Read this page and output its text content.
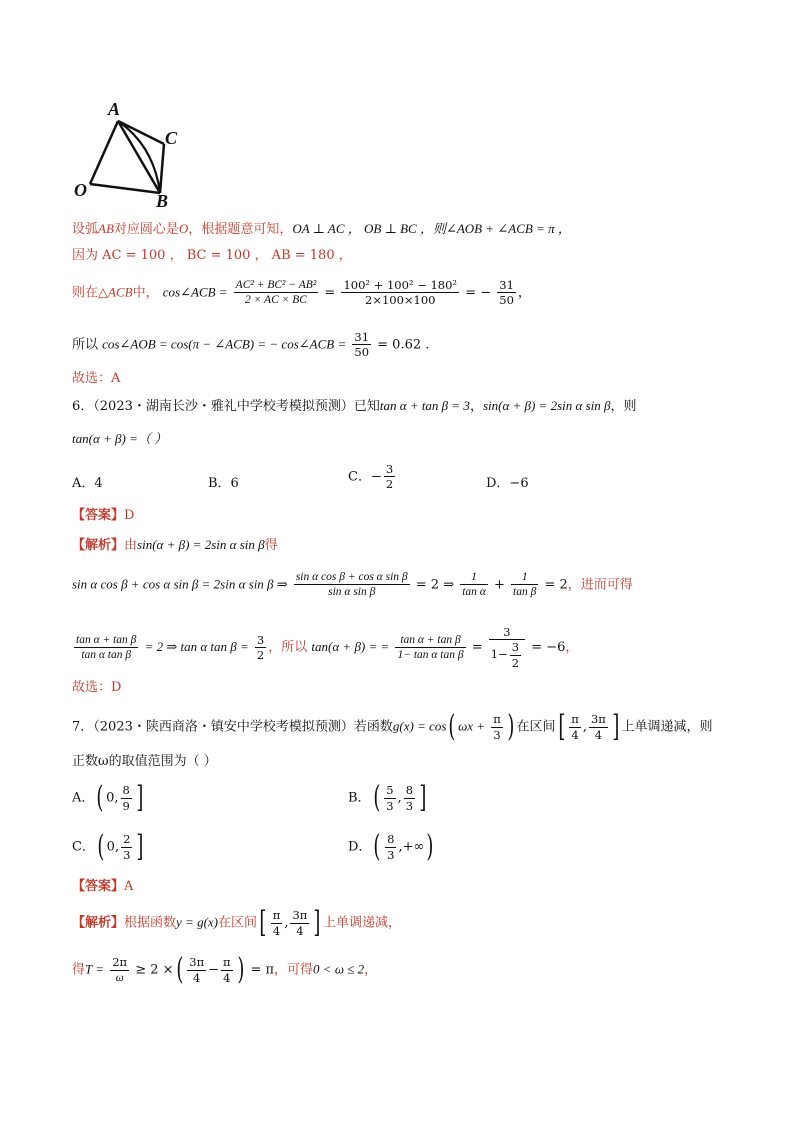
A
C
O
B
设弧AB对应圆心是O，根据题意可知，OA ⊥ AC ， OB ⊥ BC ，则∠AOB + ∠ACB = π ，
因为 AC = 100 ， BC = 100 ， AB = 180 ，
则在△ACB中， cos∠ACB = $\frac{\text{AC² + BC² − AB²}}{2 \times AC \times BC} = \frac{\text{100² + 100² − 180²}}{2\times 100\times 100}$ = − $\frac{31}{50}$ ，
所以 cos∠AOB = cos(π − ∠ACB) = − cos∠ACB = $\frac{31}{50} = 0.62$ .
故选：A
6．（2023・湖南长沙・雅礼中学校考模拟预测）已知tan α + tan β = 3，sin(α + β) = 2sin α sin β，则
tan(α + β) =（ ）
A．4	B．6	C．− $\frac{3}{2}$	D．−6
【答案】D
【解析】由sin(α + β) = 2sin α sin β得
sin α cos β + cos α sin β = 2sin α sin β ⇒ $\frac{\text{sin α cos β + cos α sin β}}{\text{sin α sin β}} = 2$ ⇒ $\frac{1}{\text{tan α}} + \frac{1}{\text{tan β}} = 2$，进而可得
$\frac{\text{tan α + tan β}}{\text{tan α tan β}} = 2$ ⇒ tan α $\tan \beta = \frac{3}{2}$ ，所以 tan(α + β) = = $\frac{\text{tan α + tan β}}{\text{1− tan α tan β}} = \frac{3}{1- \frac{3}{2}} = -6$，
故选：D
7．（2023・陕西商洛・镇安中学校考模拟预测）若函数g(x) = cos( $\omega x + \frac{\pi}{3}$ ) 在区间[ $\frac{\pi}{4}$ , $\frac{3\pi}{4}$ ] 上单调递减，则
正数ω的取值范围为（ ）
A．( 0, $\frac{8}{9}$ ]	B．( $\frac{5}{3}$ , $\frac{8}{3}$ ]
C．( 0, $\frac{2}{3}$ ]	D．( $\frac{8}{3}$ ,+∞)
【答案】A
【解析】根据函数y = g(x)在区间[ $\frac{\pi}{4}$ , $\frac{3\pi}{4}$ ] 上单调递减，
得$T = \frac{2\pi}{\omega} \ge 2$ ×( $\frac{3\pi}{4} - \frac{\pi}{4}$ ) = π，可得0 < ω ≤ 2，
